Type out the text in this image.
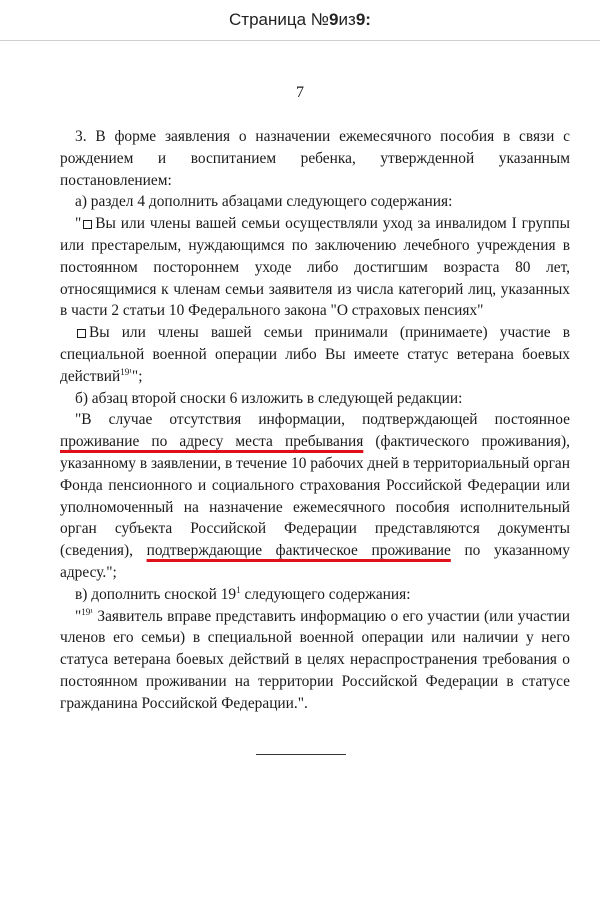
Страница № 9 из 9 :
7

3. В форме заявления о назначении ежемесячного пособия в связи с рождением и воспитанием ребенка, утвержденной указанным постановлением:

а) раздел 4 дополнить абзацами следующего содержания:

" Вы или члены вашей семьи осуществляли уход за инвалидом I группы или престарелым, нуждающимся по заключению лечебного учреждения в постоянном постороннем уходе либо достигшим возраста 80 лет, относящимися к членам семьи заявителя из числа категорий лиц, указанных в части 2 статьи 10 Федерального закона "О страховых пенсиях"

Вы или члены вашей семьи принимали (принимаете) участие в специальной военной операции либо Вы имеете статус ветерана боевых действий$^{19^1}$";

б) абзац второй сноски 6 изложить в следующей редакции:

"В случае отсутствия информации, подтверждающей постоянное проживание по адресу места пребывания (фактического проживания), указанному в заявлении, в течение 10 рабочих дней в территориальный орган Фонда пенсионного и социального страхования Российской Федерации или уполномоченный на назначение ежемесячного пособия исполнительный орган субъекта Российской Федерации представляются документы (сведения), подтверждающие фактическое проживание по указанному адресу.";

в) дополнить сноской $19^1$ следующего содержания:

"$^{19^1}$ Заявитель вправе представить информацию о его участии (или участии членов его семьи) в специальной военной операции или наличии у него статуса ветерана боевых действий в целях нераспространения требования о постоянном проживании на территории Российской Федерации в статусе гражданина Российской Федерации.".
